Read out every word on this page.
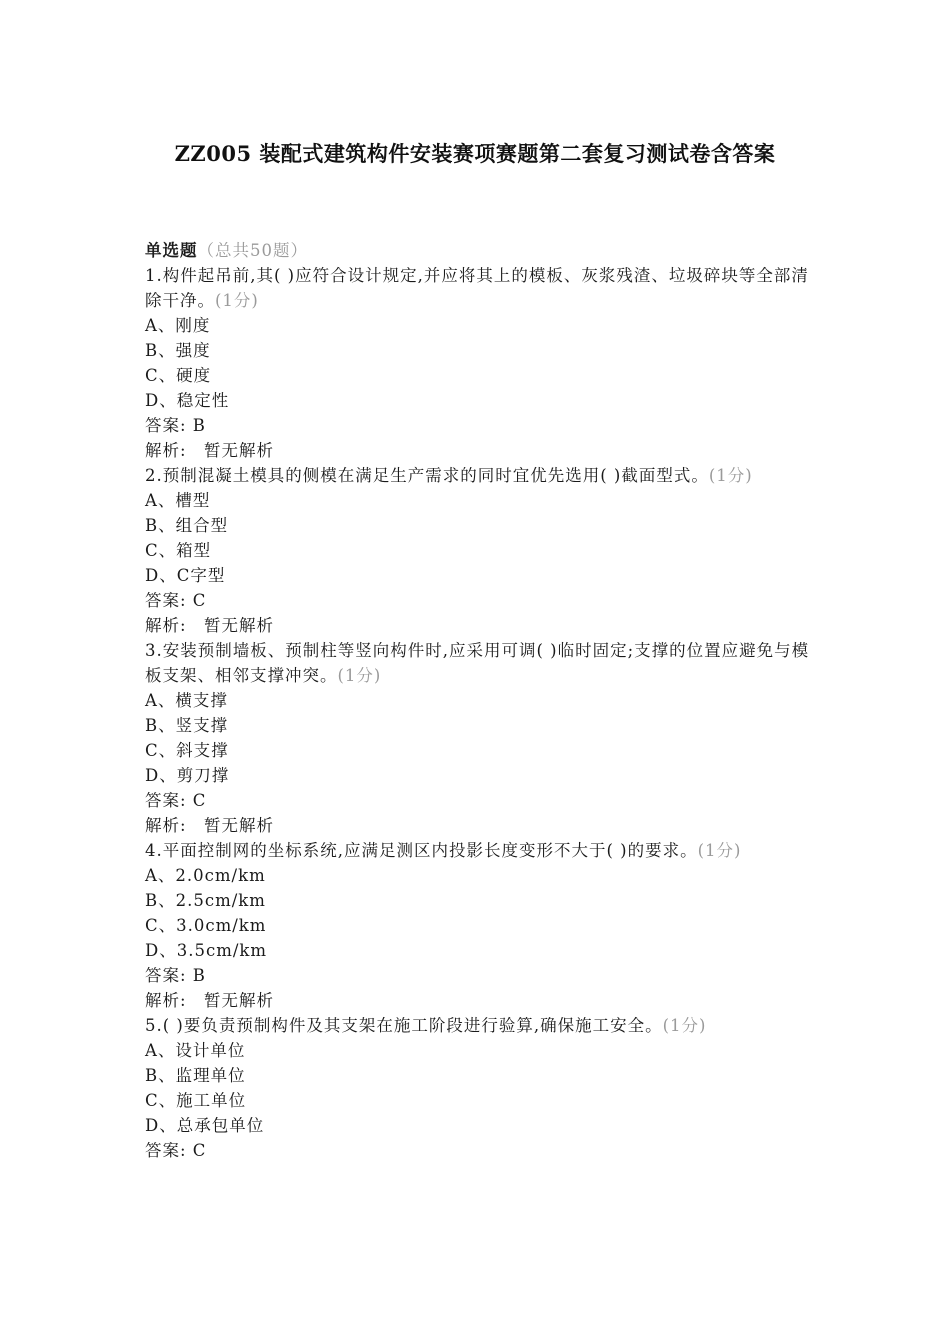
ZZ005 装配式建筑构件安装赛项赛题第二套复习测试卷含答案
单选题（总共50题）
1.构件起吊前,其( )应符合设计规定,并应将其上的模板、灰浆残渣、垃圾碎块等全部清除干净。(1分)
A、刚度
B、强度
C、硬度
D、稳定性
答案: B
解析:　暂无解析
2.预制混凝土模具的侧模在满足生产需求的同时宜优先选用( )截面型式。(1分)
A、槽型
B、组合型
C、箱型
D、C字型
答案: C
解析:　暂无解析
3.安装预制墙板、预制柱等竖向构件时,应采用可调( )临时固定;支撑的位置应避免与模板支架、相邻支撑冲突。(1分)
A、横支撑
B、竖支撑
C、斜支撑
D、剪刀撑
答案: C
解析:　暂无解析
4.平面控制网的坐标系统,应满足测区内投影长度变形不大于( )的要求。(1分)
A、2.0cm/km
B、2.5cm/km
C、3.0cm/km
D、3.5cm/km
答案: B
解析:　暂无解析
5.( )要负责预制构件及其支架在施工阶段进行验算,确保施工安全。(1分)
A、设计单位
B、监理单位
C、施工单位
D、总承包单位
答案: C
